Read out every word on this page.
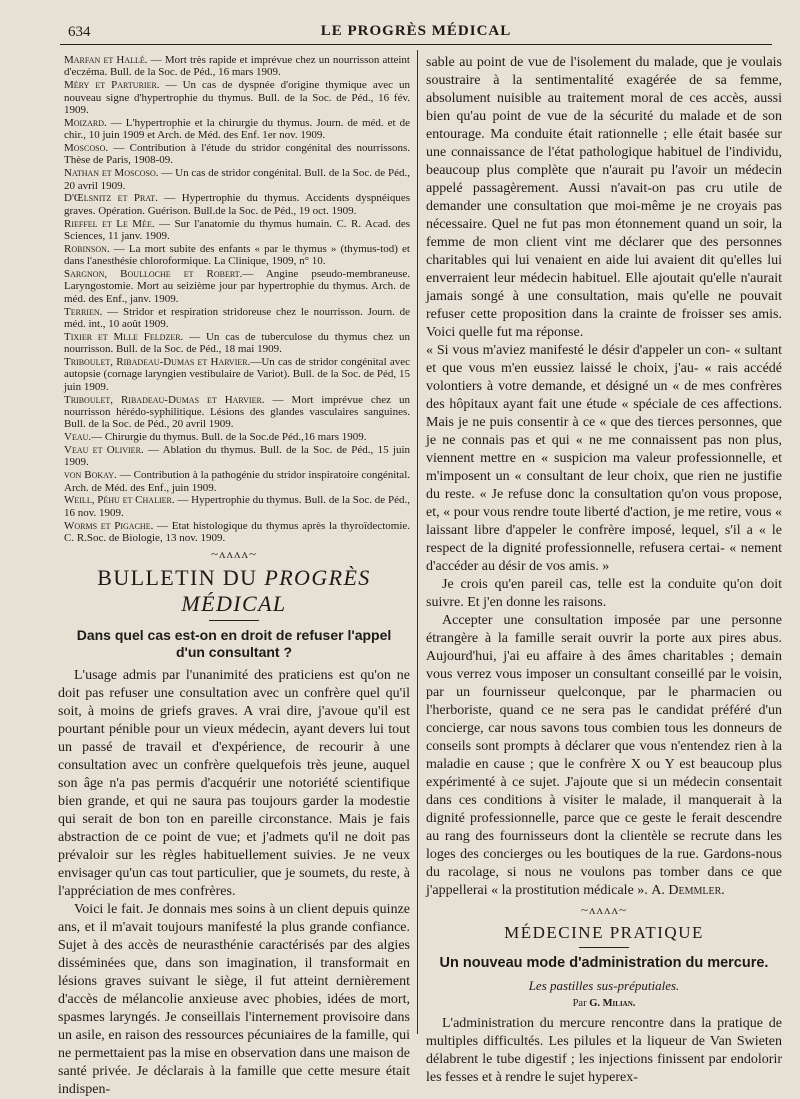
634	LE PROGRÈS MÉDICAL

Marfan et Hallé. — Mort très rapide et imprévue chez un nourrisson atteint d'eczéma. Bull. de la Soc. de Péd., 16 mars 1909.

Méry et Parturier. — Un cas de dyspnée d'origine thymique avec un nouveau signe d'hypertrophie du thymus. Bull. de la Soc. de Péd., 16 fév. 1909.

Moizard. — L'hypertrophie et la chirurgie du thymus. Journ. de méd. et de chir., 10 juin 1909 et Arch. de Méd. des Enf. 1er nov. 1909.

Moscoso. — Contribution à l'étude du stridor congénital des nourrissons. Thèse de Paris, 1908-09.

Nathan et Moscoso. — Un cas de stridor congénital. Bull. de la Soc. de Péd., 20 avril 1909.

D'Œlsnitz et Prat. — Hypertrophie du thymus. Accidents dyspnéiques graves. Opération. Guérison. Bull.de la Soc. de Péd., 19 oct. 1909.

Rieffel et Le Mée. — Sur l'anatomie du thymus humain. C. R. Acad. des Sciences, 11 janv. 1909.

Robinson. — La mort subite des enfants « par le thymus » (thymus-tod) et dans l'anesthésie chloroformique. La Clinique, 1909, n° 10.

Sargnon, Boulloche et Robert.— Angine pseudo-membraneuse. Laryngostomie. Mort au seizième jour par hypertrophie du thymus. Arch. de méd. des Enf., janv. 1909.

Terrien. — Stridor et respiration stridoreuse chez le nourrisson. Journ. de méd. int., 10 août 1909.

Tixier et Mlle Feldzer. — Un cas de tuberculose du thymus chez un nourrisson. Bull. de la Soc. de Péd., 18 mai 1909.

Triboulet, Ribadeau-Dumas et Harvier.—Un cas de stridor congénital avec autopsie (cornage laryngien vestibulaire de Variot). Bull. de la Soc. de Péd, 15 juin 1909.

Triboulet, Ribadeau-Dumas et Harvier. — Mort imprévue chez un nourrisson hérédo-syphilitique. Lésions des glandes vasculaires sanguines. Bull. de la Soc. de Péd., 20 avril 1909.

Veau.— Chirurgie du thymus. Bull. de la Soc.de Péd.,16 mars 1909.

Veau et Olivier. — Ablation du thymus. Bull. de la Soc. de Péd., 15 juin 1909.

von Bokay. — Contribution à la pathogénie du stridor inspiratoire congénital. Arch. de Méd. des Enf., juin 1909.

Weill, Péhu et Chalier. — Hypertrophie du thymus. Bull. de la Soc. de Péd., 16 nov. 1909.

Worms et Pigache. — Etat histologique du thymus après la thyroïdectomie. C. R.Soc. de Biologie, 13 nov. 1909.

~ʌʌʌʌ~
BULLETIN DU PROGRÈS MÉDICAL
Dans quel cas est-on en droit de refuser l'appel d'un consultant ?

L'usage admis par l'unanimité des praticiens est qu'on ne doit pas refuser une consultation avec un confrère quel qu'il soit, à moins de griefs graves. A vrai dire, j'avoue qu'il est pourtant pénible pour un vieux médecin, ayant devers lui tout un passé de travail et d'expérience, de recourir à une consultation avec un confrère quelquefois très jeune, auquel son âge n'a pas permis d'acquérir une notoriété scientifique bien grande, et qui ne saura pas toujours garder la modestie qui serait de bon ton en pareille circonstance. Mais je fais abstraction de ce point de vue; et j'admets qu'il ne doit pas prévaloir sur les règles habituellement suivies. Je ne veux envisager qu'un cas tout particulier, que je soumets, du reste, à l'appréciation de mes confrères.

Voici le fait. Je donnais mes soins à un client depuis quinze ans, et il m'avait toujours manifesté la plus grande confiance. Sujet à des accès de neurasthénie caractérisés par des algies disséminées que, dans son imagination, il transformait en lésions graves suivant le siège, il fut atteint dernièrement d'accès de mélancolie anxieuse avec phobies, idées de mort, spasmes laryngés. Je conseillais l'internement provisoire dans un asile, en raison des ressources pécuniaires de la famille, qui ne permettaient pas la mise en observation dans une maison de santé privée. Je déclarais à la famille que cette mesure était indispen-

sable au point de vue de l'isolement du malade, que je voulais soustraire à la sentimentalité exagérée de sa femme, absolument nuisible au traitement moral de ces accès, aussi bien qu'au point de vue de la sécurité du malade et de son entourage. Ma conduite était rationnelle ; elle était basée sur une connaissance de l'état pathologique habituel de l'individu, beaucoup plus complète que n'aurait pu l'avoir un médecin appelé passagèrement. Aussi n'avait-on pas cru utile de demander une consultation que moi-même je ne croyais pas nécessaire. Quel ne fut pas mon étonnement quand un soir, la femme de mon client vint me déclarer que des personnes charitables qui lui venaient en aide lui avaient dit qu'elles lui enverraient leur médecin habituel. Elle ajoutait qu'elle n'aurait jamais songé à une consultation, mais qu'elle ne pouvait refuser cette proposition dans la crainte de froisser ses amis. Voici quelle fut ma réponse.

« Si vous m'aviez manifesté le désir d'appeler un con- « sultant et que vous m'en eussiez laissé le choix, j'au- « rais accédé volontiers à votre demande, et désigné un « de mes confrères des hôpitaux ayant fait une étude « spéciale de ces affections. Mais je ne puis consentir à ce « que des tierces personnes, que je ne connais pas et qui « ne me connaissent pas non plus, viennent mettre en « suspicion ma valeur professionnelle, et m'imposent un « consultant de leur choix, que rien ne justifie du reste. « Je refuse donc la consultation qu'on vous propose, et, « pour vous rendre toute liberté d'action, je me retire, vous « laissant libre d'appeler le confrère imposé, lequel, s'il a « le respect de la dignité professionnelle, refusera certai- « nement d'accéder au désir de vos amis. »

Je crois qu'en pareil cas, telle est la conduite qu'on doit suivre. Et j'en donne les raisons.

Accepter une consultation imposée par une personne étrangère à la famille serait ouvrir la porte aux pires abus. Aujourd'hui, j'ai eu affaire à des âmes charitables ; demain vous verrez vous imposer un consultant conseillé par le voisin, par un fournisseur quelconque, par le pharmacien ou l'herboriste, quand ce ne sera pas le candidat préféré d'un concierge, car nous savons tous combien tous les donneurs de conseils sont prompts à déclarer que vous n'entendez rien à la maladie en cause ; que le confrère X ou Y est beaucoup plus expérimenté à ce sujet. J'ajoute que si un médecin consentait dans ces conditions à visiter le malade, il manquerait à la dignité professionnelle, parce que ce geste le ferait descendre au rang des fournisseurs dont la clientèle se recrute dans les loges des concierges ou les boutiques de la rue. Gardons-nous du racolage, si nous ne voulons pas tomber dans ce que j'appellerai « la prostitution médicale ». A. Demmler.

~ʌʌʌʌ~
MÉDECINE PRATIQUE
Un nouveau mode d'administration du mercure.
Les pastilles sus-préputiales.
Par G. Milian.

L'administration du mercure rencontre dans la pratique de multiples difficultés. Les pilules et la liqueur de Van Swieten délabrent le tube digestif ; les injections finissent par endolorir les fesses et à rendre le sujet hyperex-
